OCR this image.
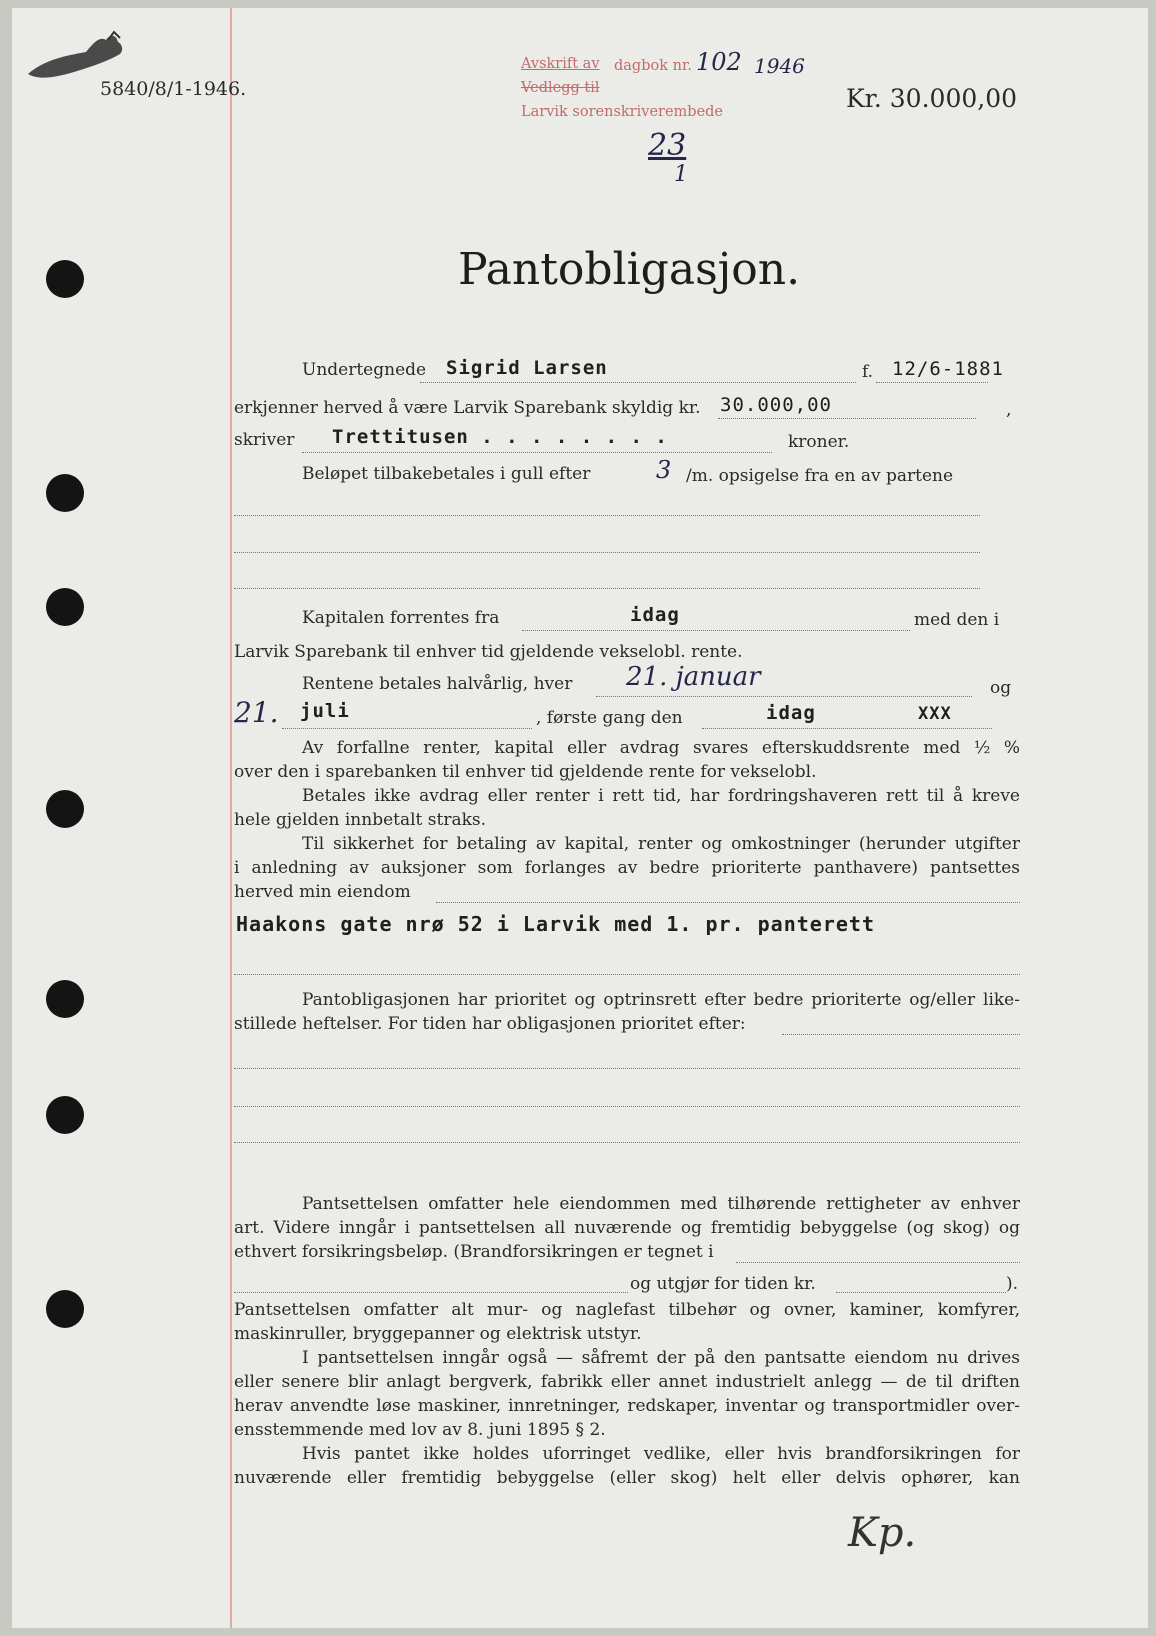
5840/8/1-1946.
Avskrift av dagbok nr. 102 1946
Vedlegg til
Larvik sorenskriverembede
23
1
Kr. 30.000,00
Pantobligasjon.
Undertegnede Sigrid Larsen	f. 12/6-1881
erkjenner herved å være Larvik Sparebank skyldig kr. 30.000,00	,
skriver Trettitusen . . . . . . . .	kroner.
Beløpet tilbakebetales i gull efter	3 /m. opsigelse fra en av partene
Kapitalen forrentes fra	idag	med den i
Larvik Sparebank til enhver tid gjeldende vekselobl. rente.
Rentene betales halvårlig, hver 21. januar	og
21. juli	, første gang den	idag	XXX
Av forfallne renter, kapital eller avdrag svares efterskuddsrente med ½ %
over den i sparebanken til enhver tid gjeldende rente for vekselobl.
Betales ikke avdrag eller renter i rett tid, har fordringshaveren rett til å kreve
hele gjelden innbetalt straks.
Til sikkerhet for betaling av kapital, renter og omkostninger (herunder utgifter
i anledning av auksjoner som forlanges av bedre prioriterte panthavere) pantsettes
herved min eiendom
Haakons gate nrø 52 i Larvik med 1. pr. panterett
Pantobligasjonen har prioritet og optrinsrett efter bedre prioriterte og/eller like-
stillede heftelser. For tiden har obligasjonen prioritet efter:
Pantsettelsen omfatter hele eiendommen med tilhørende rettigheter av enhver
art. Videre inngår i pantsettelsen all nuværende og fremtidig bebyggelse (og skog) og
ethvert forsikringsbeløp. (Brandforsikringen er tegnet i
og utgjør for tiden kr.	).
Pantsettelsen omfatter alt mur- og naglefast tilbehør og ovner, kaminer, komfyrer,
maskinruller, bryggepanner og elektrisk utstyr.
I pantsettelsen inngår også — såfremt der på den pantsatte eiendom nu drives
eller senere blir anlagt bergverk, fabrikk eller annet industrielt anlegg — de til driften
herav anvendte løse maskiner, innretninger, redskaper, inventar og transportmidler over-
ensstemmende med lov av 8. juni 1895 § 2.
Hvis pantet ikke holdes uforringet vedlike, eller hvis brandforsikringen for
nuværende eller fremtidig bebyggelse (eller skog) helt eller delvis ophører, kan
Kp.
